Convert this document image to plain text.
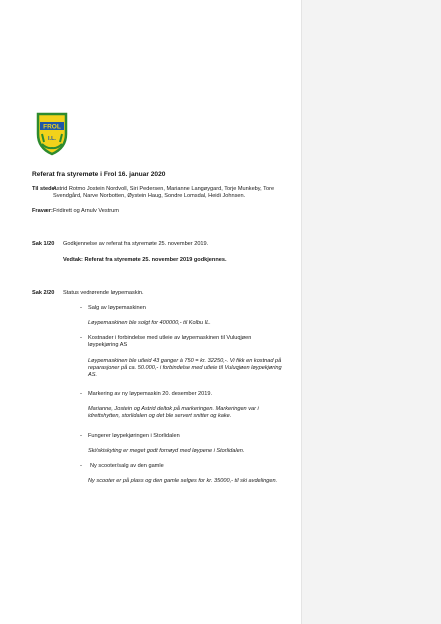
FROL
I.L.
Referat fra styremøte i Frol 16. januar 2020
Til stede:
Astrid Rotmo Jostein Nordvoll, Siri Pedersen, Marianne Langøygard, Torje Munkeby, Tore Svendgård, Narve Norbotten, Øystein Haug, Sondre Lomsdal, Heidi Johnsen.
Fravær: Fridirett og Arnulv Vestrum
Sak 1/20 Godkjennelse av referat fra styremøte 25. november 2019.
Vedtak: Referat fra styremøte 25. november 2019 godkjennes.
Sak 2/20 Status vedrørende løypemaskin.
- Salg av løypemaskinen
Løypemaskinen ble solgt for 400000,- til Kolbu IL.
- Kostnader i forbindelse med utleie av løypemaskinen til Vuluqjøen løypekjøring AS
Løypemaskinen ble utleid 43 ganger à 750 = kr. 32250,-. Vi fikk en kostnad på reparasjoner på ca. 50.000,- i forbindelse med utleie til Vuluqjøen løypekjøring AS.
- Markering av ny løypemaskin 20. desember 2019.
Marianne, Jostein og Astrid deltok på markeringen. Markeringen var i idrettshytten, storlidalen og det ble servert snitter og kake.
- Fungerer løypekjøringen i Storlidalen
Ski/skiskyting er meget godt fornøyd med løypene i Storlidalen.
- Ny scooter/salg av den gamle
Ny scooter er på plass og den gamle selges for kr. 35000,- til ski avdelingen.
